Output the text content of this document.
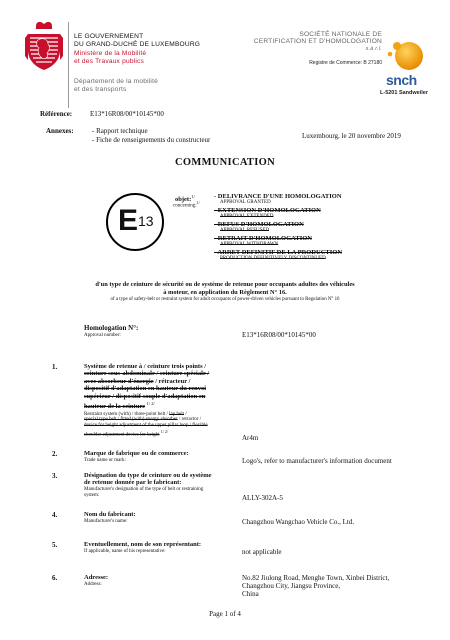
LE GOUVERNEMENT
DU GRAND-DUCHÉ DE LUXEMBOURG
Ministère de la Mobilité
et des Travaux publics
Département de la mobilité
et des transports
SOCIÉTÉ NATIONALE DE
CERTIFICATION ET D'HOMOLOGATION
s.à r.l.
Registre de Commerce: B 27180
snch
L-5201 Sandweiler
Référence:	E13*16R08/00*10145*00
Annexes:	- Rapport technique
- Fiche de renseignements du constructeur	Luxembourg, le 20 novembre 2019
COMMUNICATION
E 13
objet:$^{1/}$
concerning:$^{1/}$
- DELIVRANCE D'UNE HOMOLOGATION
APPROVAL GRANTED
- EXTENSION D'HOMOLOGATION
APPROVAL EXTENDED
- REFUS D'HOMOLOGATION
APPROVAL REFUSED
- RETRAIT D'HOMOLOGATION
APPROVAL WITHDRAWN
- ARRET DEFINITIF DE LA PRODUCTION
PRODUCTION DEFINITIVELY DISCONTINUED
d'un type de ceinture de sécurité ou de système de retenue pour occupants adultes des véhicules
à moteur, en application du Règlement N° 16.
of a type of safety-belt or restraint system for adult occupants of power-driven vehicles pursuant to Regulation N° 16
Homologation N°:
Approval number:	E13*16R08/00*10145*00
1.	Système de retenue à / ceinture trois points /
ceinture sous-abdominale / ceinture spéciale /
avec absorbeur d'énergie / rétracteur /
dispositif d'adaptation en hauteur du renvoi
supérieur / dispositif souple d'adaptation en
hauteur de la ceinture $^{1/ 2/}$
Restraint system (with) / three-point belt / lap belt /
special type belt / fitted (with) energy absorber / retractor /
device for height adjustment of the upper pillar loop / flexible
shoulder adjustment device for height $^{1/ 2/}$
Ar4m
2.	Marque de fabrique ou de commerce:
Trade name or mark:	Logo's, refer to manufacturer's information document
3.	Désignation du type de ceinture ou de système
de retenue donnée par le fabricant:
Manufacturer's designation of the type of belt or restraining
system:	ALLY-302A-5
4.	Nom du fabricant:
Manufacturer's name:	Changzhou Wangchao Vehicle Co., Ltd.
5.	Eventuellement, nom de son représentant:
If applicable, name of his representative:	not applicable
6.	Adresse:
Address:
No.82 Jiulong Road, Menghe Town, Xinbei District,
Changzhou City, Jiangsu Province,
China
Page 1 of 4
